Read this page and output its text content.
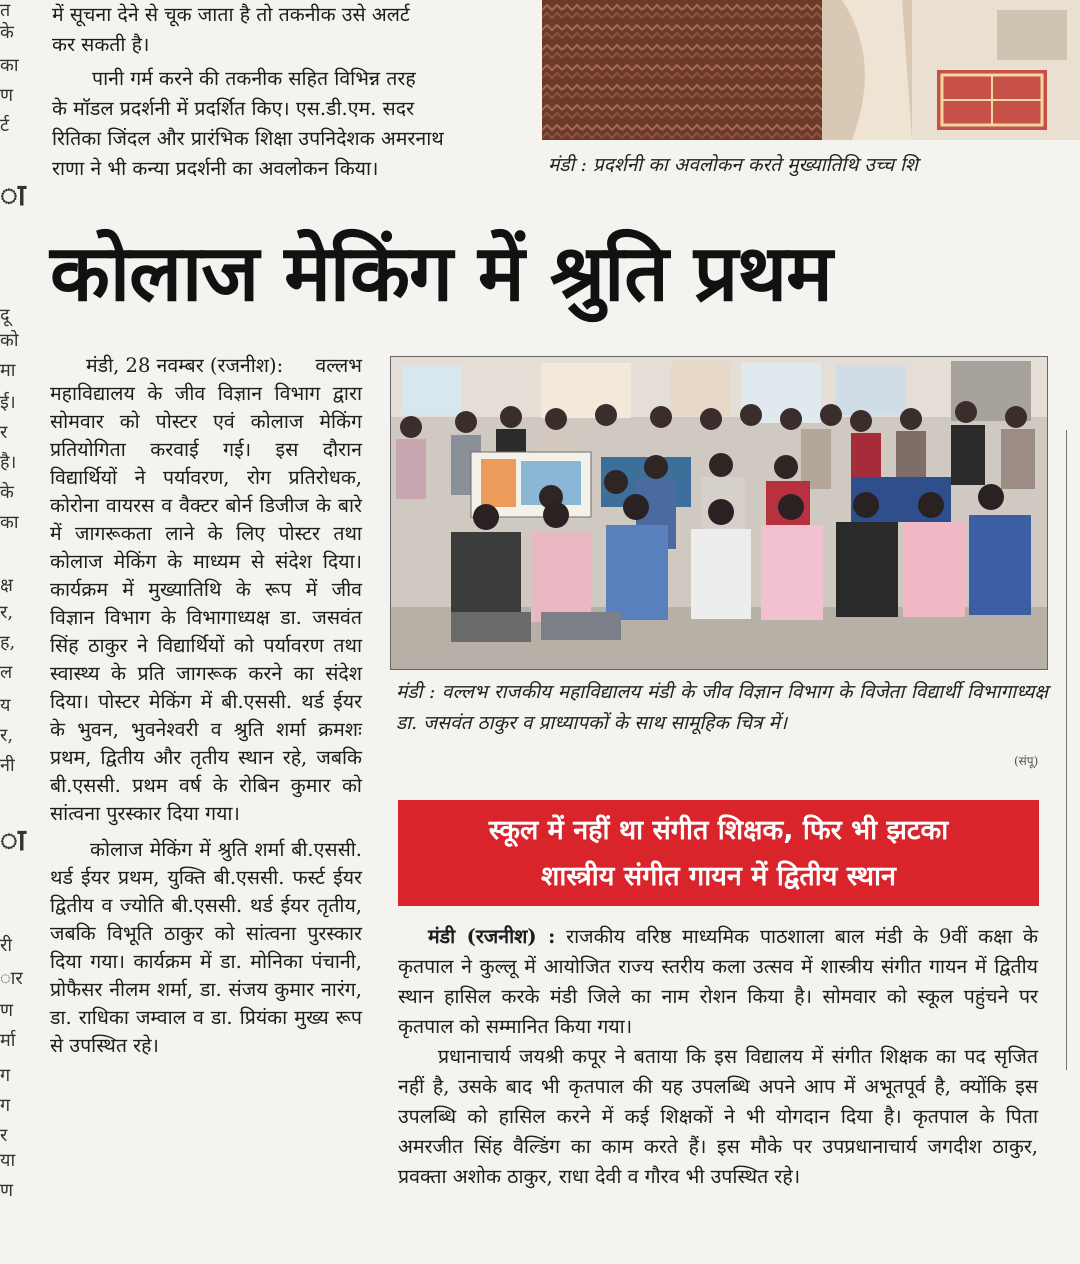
त
के
का
ण
र्ट
ा
दू
को
मा
ई।
र
है।
के
का
क्ष
र,
ह,
ल
य
र,
नी
ा
री
ार
ण
र्मा
ग
ग
र
या
ण

में सूचना देने से चूक जाता है तो तकनीक उसे अलर्ट

कर सकती है।

पानी गर्म करने की तकनीक सहित विभिन्न तरह

के मॉडल प्रदर्शनी में प्रदर्शित किए। एस.डी.एम. सदर

रितिका जिंदल और प्रारंभिक शिक्षा उपनिदेशक अमरनाथ

राणा ने भी कन्या प्रदर्शनी का अवलोकन किया।	मंडी : प्रदर्शनी का अवलोकन करते मुख्यातिथि उच्च शि
कोलाज मेकिंग में श्रुति प्रथम

मंडी, 28 नवम्बर (रजनीश): वल्लभ महाविद्यालय के जीव विज्ञान विभाग द्वारा सोमवार को पोस्टर एवं कोलाज मेकिंग प्रतियोगिता करवाई गई। इस दौरान विद्यार्थियों ने पर्यावरण, रोग प्रतिरोधक, कोरोना वायरस व वैक्टर बोर्न डिजीज के बारे में जागरूकता लाने के लिए पोस्टर तथा कोलाज मेकिंग के माध्यम से संदेश दिया। कार्यक्रम में मुख्यातिथि के रूप में जीव विज्ञान विभाग के विभागाध्यक्ष डा. जसवंत सिंह ठाकुर ने विद्यार्थियों को पर्यावरण तथा स्वास्थ्य के प्रति जागरूक करने का संदेश दिया। पोस्टर मेकिंग में बी.एससी. थर्ड ईयर के भुवन, भुवनेश्वरी व श्रुति शर्मा क्रमशः प्रथम, द्वितीय और तृतीय स्थान रहे, जबकि बी.एससी. प्रथम वर्ष के रोबिन कुमार को सांत्वना पुरस्कार दिया गया।

कोलाज मेकिंग में श्रुति शर्मा बी.एससी. थर्ड ईयर प्रथम, युक्ति बी.एससी. फर्स्ट ईयर द्वितीय व ज्योति बी.एससी. थर्ड ईयर तृतीय, जबकि विभूति ठाकुर को सांत्वना पुरस्कार दिया गया। कार्यक्रम में डा. मोनिका पंचानी, प्रोफैसर नीलम शर्मा, डा. संजय कुमार नारंग, डा. राधिका जम्वाल व डा. प्रियंका मुख्य रूप से उपस्थित रहे।

मंडी : वल्लभ राजकीय महाविद्यालय मंडी के जीव विज्ञान विभाग के विजेता विद्यार्थी विभागाध्यक्ष डा. जसवंत ठाकुर व प्राध्यापकों के साथ सामूहिक चित्र में।
(संपू)
स्कूल में नहीं था संगीत शिक्षक, फिर भी झटका
शास्त्रीय संगीत गायन में द्वितीय स्थान

मंडी (रजनीश) : राजकीय वरिष्ठ माध्यमिक पाठशाला बाल मंडी के 9वीं कक्षा के कृतपाल ने कुल्लू में आयोजित राज्य स्तरीय कला उत्सव में शास्त्रीय संगीत गायन में द्वितीय स्थान हासिल करके मंडी जिले का नाम रोशन किया है। सोमवार को स्कूल पहुंचने पर कृतपाल को सम्मानित किया गया।

प्रधानाचार्य जयश्री कपूर ने बताया कि इस विद्यालय में संगीत शिक्षक का पद सृजित नहीं है, उसके बाद भी कृतपाल की यह उपलब्धि अपने आप में अभूतपूर्व है, क्योंकि इस उपलब्धि को हासिल करने में कई शिक्षकों ने भी योगदान दिया है। कृतपाल के पिता अमरजीत सिंह वैल्डिंग का काम करते हैं। इस मौके पर उपप्रधानाचार्य जगदीश ठाकुर, प्रवक्ता अशोक ठाकुर, राधा देवी व गौरव भी उपस्थित रहे।
